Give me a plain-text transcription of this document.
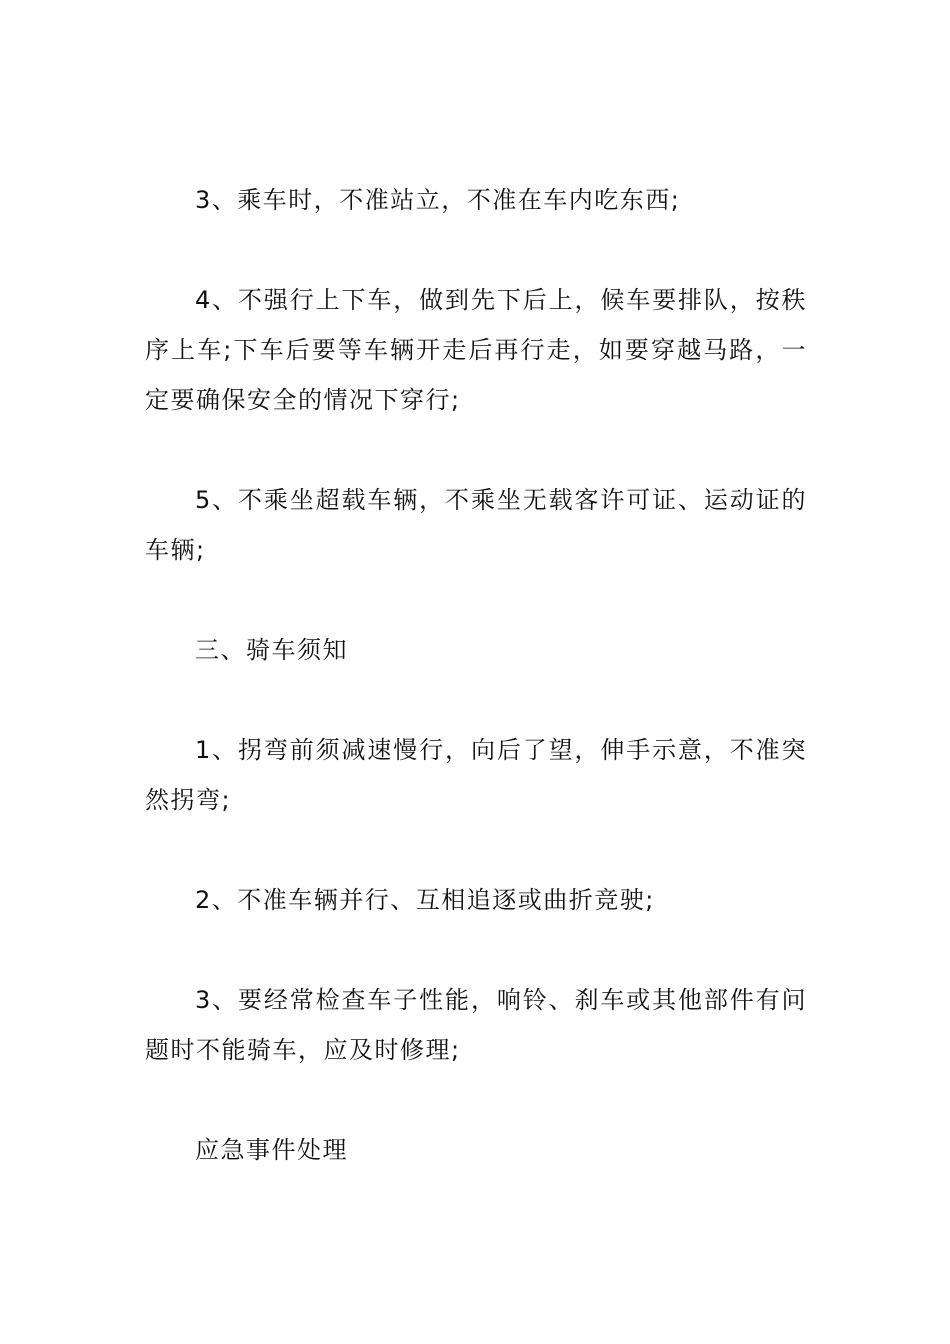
3、乘车时，不准站立，不准在车内吃东西;

4、不强行上下车，做到先下后上，候车要排队，按秩序上车;下车后要等车辆开走后再行走，如要穿越马路，一定要确保安全的情况下穿行;

5、不乘坐超载车辆，不乘坐无载客许可证、运动证的车辆;

三、骑车须知

1、拐弯前须减速慢行，向后了望，伸手示意，不准突然拐弯;

2、不准车辆并行、互相追逐或曲折竞驶;

3、要经常检查车子性能，响铃、刹车或其他部件有问题时不能骑车，应及时修理;

应急事件处理
